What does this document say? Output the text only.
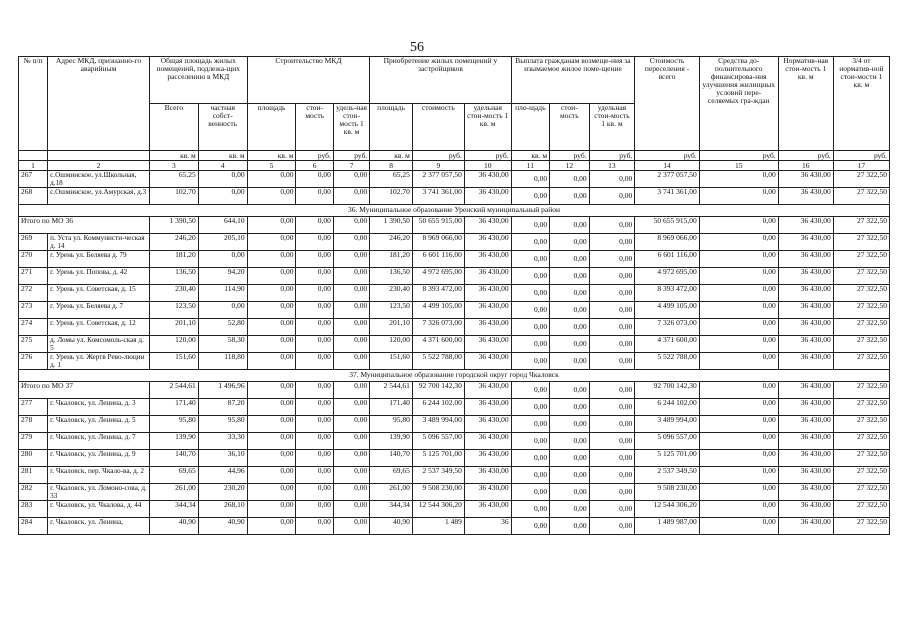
56
№ п/п	Адрес МКД, признанно-го аварийным	Общая площадь жилых помещений, подлежа-щих расселению в МКД		Строительство МКД			Приобретение жилых помещений у застройщиков			Выплата гражданам возмеще-ния за изымаемое жилое поме-щение			Стоимость переселения - всего	Средства до-полнительного финансирова-ния улучшения жилищных условий пере-селяемых гра-ждан	Норматив-ная стои-мость 1 кв. м	3/4 от норматив-ной стои-мости 1 кв. м
		Всего	частная собст-венность	площадь	стои-мость	удель-ная стои-мость 1 кв. м	площадь	стоимость	удельная стои-мость 1 кв. м	пло-щадь	стои-мость	удельная стои-мость 1 кв. м				
		кв. м	кв. м	кв. м	руб.	руб.	кв. м	руб.	руб.	кв. м	руб.	руб.	руб.	руб.	руб.	руб.
1	2	3	4	5	6	7	8	9	10	11	12	13	14	15	16	17
267	с.Ошминское, ул.Школьная, д.18	65,25	0,00	0,00	0,00	0,00	65,25	2 377 057,50	36 430,00	0,00	0,00	0,00	2 377 057,50	0,00	36 430,00	27 322,50
268	с.Ошминское, ул.Амурская, д.3	102,70	0,00	0,00	0,00	0,00	102,70	3 741 361,00	36 430,00	0,00	0,00	0,00	3 741 361,00	0,00	36 430,00	27 322,50
36. Муниципальное образование Уренский муниципальный район																
Итого по МО 36		1 390,50	644,10	0,00	0,00	0,00	1 390,50	50 655 915,00	36 430,00	0,00	0,00	0,00	50 655 915,00	0,00	36 430,00	27 322,50
269	п. Уста ул. Коммунисти-ческая д. 14	246,20	205,10	0,00	0,00	0,00	246,20	8 969 066,00	36 430,00	0,00	0,00	0,00	8 969 066,00	0,00	36 430,00	27 322,50
270	г. Урень ул. Беляева д. 79	181,20	0,00	0,00	0,00	0,00	181,20	6 601 116,00	36 430,00	0,00	0,00	0,00	6 601 116,00	0,00	36 430,00	27 322,50
271	г. Урень ул. Попова, д. 42	136,50	94,20	0,00	0,00	0,00	136,50	4 972 695,00	36 430,00	0,00	0,00	0,00	4 972 695,00	0,00	36 430,00	27 322,50
272	г. Урень ул. Советская, д. 15	230,40	114,90	0,00	0,00	0,00	230,40	8 393 472,00	36 430,00	0,00	0,00	0,00	8 393 472,00	0,00	36 430,00	27 322,50
273	г. Урень ул. Беляева д. 7	123,50	0,00	0,00	0,00	0,00	123,50	4 499 105,00	36 430,00	0,00	0,00	0,00	4 499 105,00	0,00	36 430,00	27 322,50
274	г. Урень ул. Советская, д. 12	201,10	52,80	0,00	0,00	0,00	201,10	7 326 073,00	36 430,00	0,00	0,00	0,00	7 326 073,00	0,00	36 430,00	27 322,50
275	д. Ломы ул. Комсомоль-ская д. 5	120,00	58,30	0,00	0,00	0,00	120,00	4 371 600,00	36 430,00	0,00	0,00	0,00	4 371 600,00	0,00	36 430,00	27 322,50
276	г. Урень ул. Жертв Рево-люции д. 1	151,60	118,80	0,00	0,00	0,00	151,60	5 522 788,00	36 430,00	0,00	0,00	0,00	5 522 788,00	0,00	36 430,00	27 322,50
37. Муниципальное образование городской округ город Чкаловск																
Итого по МО 37		2 544,61	1 496,96	0,00	0,00	0,00	2 544,61	92 700 142,30	36 430,00	0,00	0,00	0,00	92 700 142,30	0,00	36 430,00	27 322,50
277	г. Чкаловск, ул. Ленина, д. 3	171,40	87,20	0,00	0,00	0,00	171,40	6 244 102,00	36 430,00	0,00	0,00	0,00	6 244 102,00	0,00	36 430,00	27 322,50
278	г. Чкаловск, ул. Ленина, д. 5	95,80	95,80	0,00	0,00	0,00	95,80	3 489 994,00	36 430,00	0,00	0,00	0,00	3 489 994,00	0,00	36 430,00	27 322,50
279	г. Чкаловск, ул. Ленина, д. 7	139,90	33,30	0,00	0,00	0,00	139,90	5 096 557,00	36 430,00	0,00	0,00	0,00	5 096 557,00	0,00	36 430,00	27 322,50
280	г. Чкаловск, ул. Ленина, д. 9	140,70	36,10	0,00	0,00	0,00	140,70	5 125 701,00	36 430,00	0,00	0,00	0,00	5 125 701,00	0,00	36 430,00	27 322,50
281	г. Чкаловск, пер. Чкало-ва, д. 2	69,65	44,96	0,00	0,00	0,00	69,65	2 537 349,50	36 430,00	0,00	0,00	0,00	2 537 349,50	0,00	36 430,00	27 322,50
282	г. Чкаловск, ул. Ломоно-сова, д. 33	261,00	230,20	0,00	0,00	0,00	261,00	9 508 230,00	36 430,00	0,00	0,00	0,00	9 508 230,00	0,00	36 430,00	27 322,50
283	г. Чкаловск, ул. Чкалова, д. 44	344,34	268,10	0,00	0,00	0,00	344,34	12 544 306,20	36 430,00	0,00	0,00	0,00	12 544 306,20	0,00	36 430,00	27 322,50
284	г. Чкаловск, ул. Ленина,	40,90	40,90	0,00	0,00	0,00	40,90	1 489	36	0,00	0,00	0,00	1 489 987,00	0,00	36 430,00	27 322,50
